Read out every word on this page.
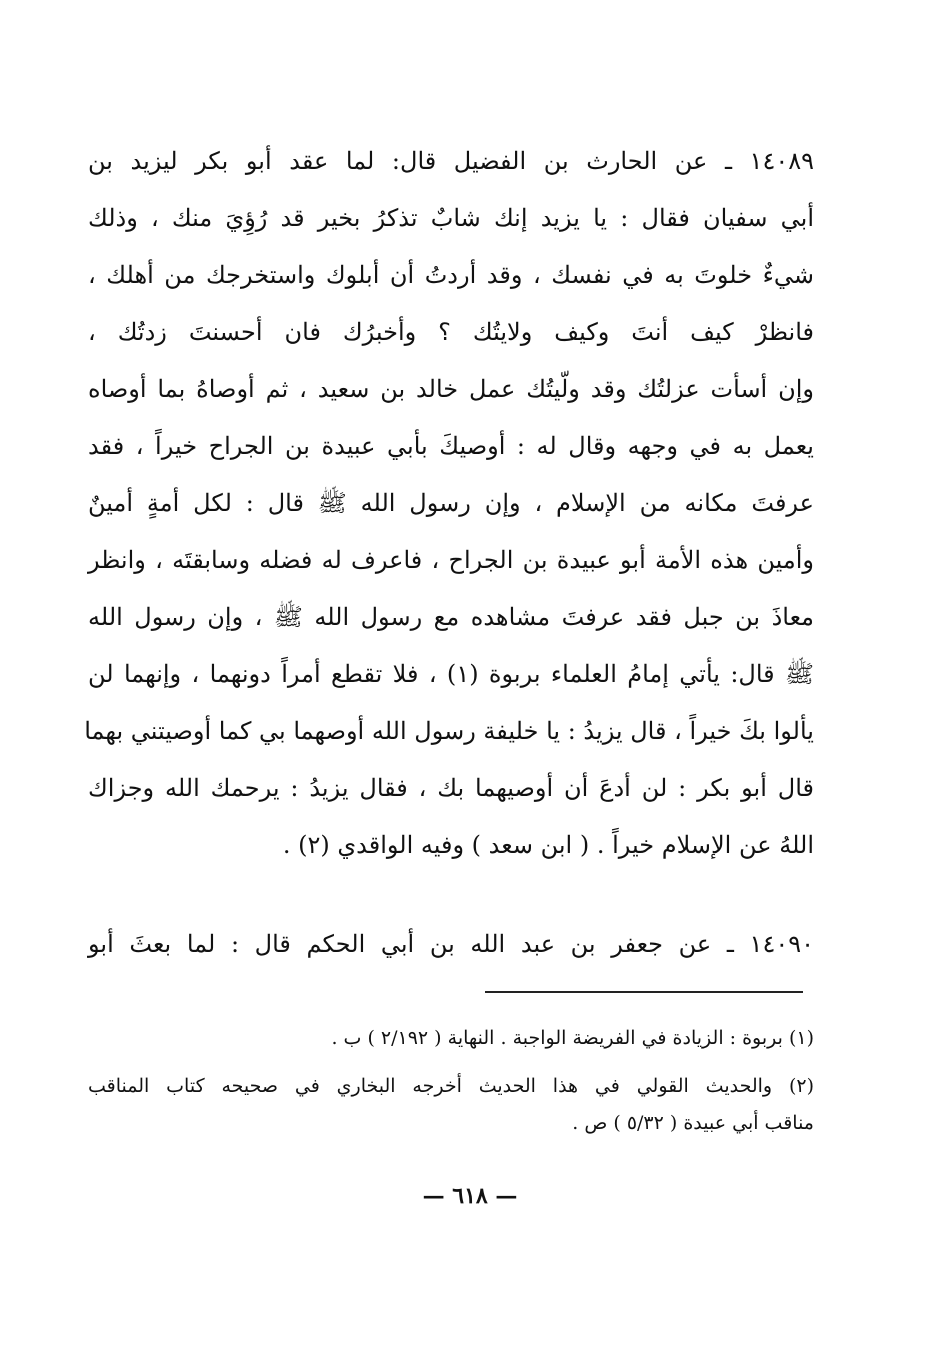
١٤٠٨٩ ـ عن الحارث بن الفضيل قال: لما عقد أبو بكر ليزيد بن
أبي سفيان فقال : يا يزيد إنك شابٌ تذكرُ بخير قد رُؤِيَ منك ، وذلك
شيءٌ خلوتَ به في نفسك ، وقد أردتُ أن أبلوك واستخرجك من أهلك ،
فانظرْ كيف أنتَ وكيف ولايتُك ؟ وأخبرُك فان أحسنتَ زدتُك ،
وإن أسأت عزلتُك وقد ولّيتُك عمل خالد بن سعيد ، ثم أوصاهُ بما أوصاه
يعمل به في وجهه وقال له : أوصيكَ بأبي عبيدة بن الجراح خيراً ، فقد
عرفتَ مكانه من الإسلام ، وإن رسول الله ﷺ قال : لكل أمةٍ أمينٌ
وأمين هذه الأمة أبو عبيدة بن الجراح ، فاعرف له فضله وسابقتَه ، وانظر
معاذَ بن جبل فقد عرفتَ مشاهده مع رسول الله ﷺ ، وإن رسول الله
ﷺ قال: يأتي إمامُ العلماء بربوة (١) ، فلا تقطع أمراً دونهما ، وإنهما لن
يألوا بكَ خيراً ، قال يزيدُ : يا خليفة رسول الله أوصهما بي كما أوصيتني بهما
قال أبو بكر : لن أدعَ أن أوصيهما بك ، فقال يزيدُ : يرحمك الله وجزاك
اللهُ عن الإسلام خيراً . ( ابن سعد ) وفيه الواقدي (٢) .
١٤٠٩٠ ـ عن جعفر بن عبد الله بن أبي الحكم قال : لما بعثَ أبو
(١) بربوة : الزيادة في الفريضة الواجبة . النهاية ( ٢/١٩٢ ) ب .
(٢) والحديث القولي في هذا الحديث أخرجه البخاري في صحيحه كتاب المناقب
مناقب أبي عبيدة ( ٥/٣٢ ) ص .
— ٦١٨ —
